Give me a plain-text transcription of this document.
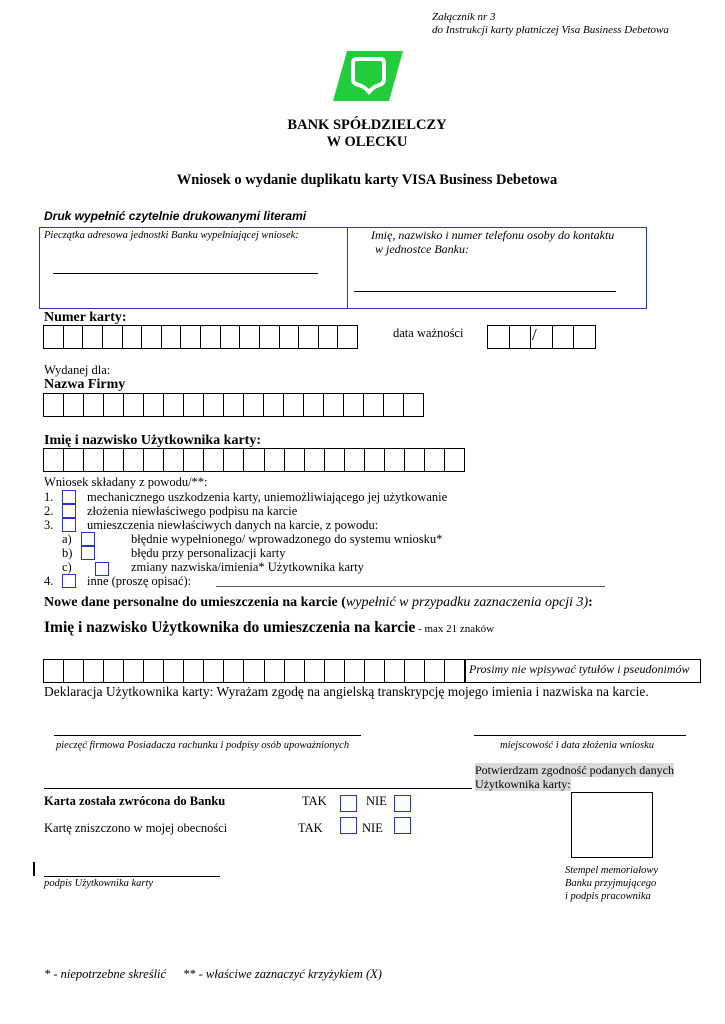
Załącznik nr 3
do Instrukcji karty płatniczej Visa Business Debetowa
BANK SPÓŁDZIELCZY
W OLECKU
Wniosek o wydanie duplikatu karty VISA Business Debetowa
Druk wypełnić czytelnie drukowanymi literami
Pieczątka adresowa jednostki Banku wypełniającej wniosek:	Imię, nazwisko i numer telefonu osoby do kontaktu
w jednostce Banku:
Numer karty:
data ważności	/
Wydanej dla:
Nazwa Firmy
Imię i nazwisko Użytkownika karty:
Wniosek składany z powodu/**:
1.	mechanicznego uszkodzenia karty, uniemożliwiającego jej użytkowanie
2.	złożenia niewłaściwego podpisu na karcie
3.	umieszczenia niewłaściwych danych na karcie, z powodu:
a)	błędnie wypełnionego/ wprowadzonego do systemu wniosku*
b)	błędu przy personalizacji karty
c)	zmiany nazwiska/imienia* Użytkownika karty
4.	inne (proszę opisać):
Nowe dane personalne do umieszczenia na karcie (wypełnić w przypadku zaznaczenia opcji 3):
Imię i nazwisko Użytkownika do umieszczenia na karcie - max 21 znaków
Prosimy nie wpisywać tytułów i pseudonimów
Deklaracja Użytkownika karty: Wyrażam zgodę na angielską transkrypcję mojego imienia i nazwiska na karcie.
pieczęć firmowa Posiadacza rachunku i podpisy osób upoważnionych	miejscowość i data złożenia wniosku
Potwierdzam zgodność podanych danych
Użytkownika karty:
Karta została zwrócona do Banku	TAK	NIE
Kartę zniszczono w mojej obecności	TAK	NIE
podpis Użytkownika karty
Stempel memoriałowy
Banku przyjmującego
i podpis pracownika
* - niepotrzebne skreślić ** - właściwe zaznaczyć krzyżykiem (X)
